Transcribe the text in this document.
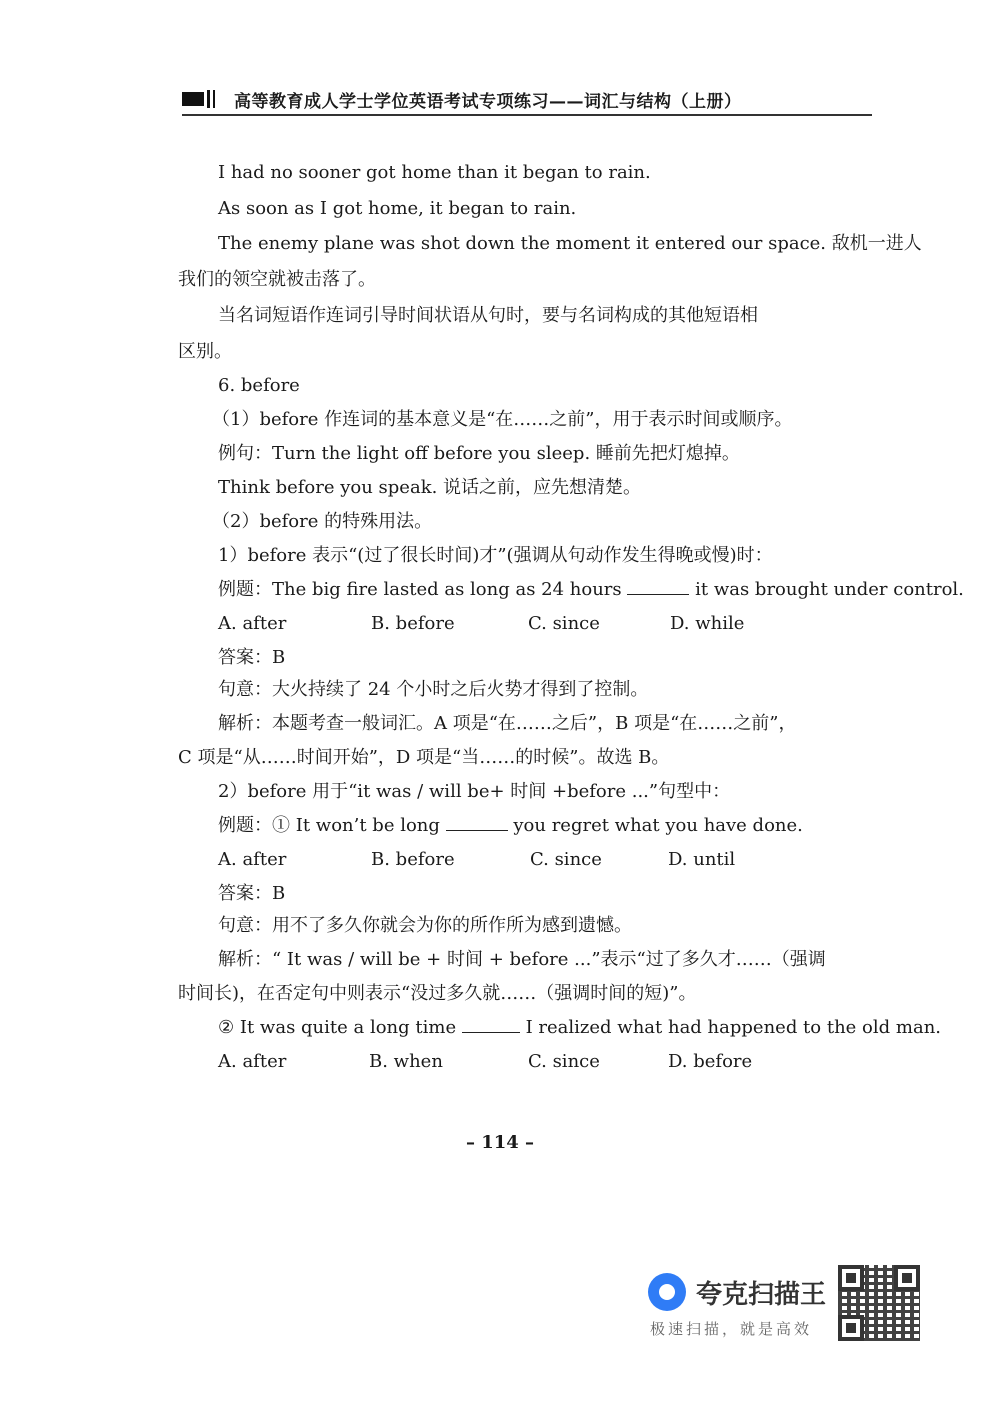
高等教育成人学士学位英语考试专项练习——词汇与结构（上册）
I had no sooner got home than it began to rain.
As soon as I got home, it began to rain.
The enemy plane was shot down the moment it entered our space. 敌机一进人
我们的领空就被击落了。
当名词短语作连词引导时间状语从句时，要与名词构成的其他短语相
区别。
6. before
（1）before 作连词的基本意义是“在……之前”，用于表示时间或顺序。
例句：Turn the light off before you sleep. 睡前先把灯熄掉。
Think before you speak. 说话之前，应先想清楚。
（2）before 的特殊用法。
1）before 表示“(过了很长时间)才”(强调从句动作发生得晚或慢)时：
例题：The big fire lasted as long as 24 hours	it was brought under control.
A. after	B. before	C. since	D. while
答案：B
句意：大火持续了 24 个小时之后火势才得到了控制。
解析：本题考查一般词汇。A 项是“在……之后”，B 项是“在……之前”，
C 项是“从……时间开始”，D 项是“当……的时候”。故选 B。
2）before 用于“it was / will be+ 时间 +before ...”句型中：
例题：① It won’t be long	you regret what you have done.
A. after	B. before	C. since	D. until
答案：B
句意：用不了多久你就会为你的所作所为感到遗憾。
解析：“ It was / will be + 时间 + before ...”表示“过了多久才……（强调
时间长)，在否定句中则表示“没过多久就……（强调时间的短)”。
② It was quite a long time	I realized what had happened to the old man.
A. after	B. when	C. since	D. before
– 114 –
夸克扫描王
极速扫描，就是高效
